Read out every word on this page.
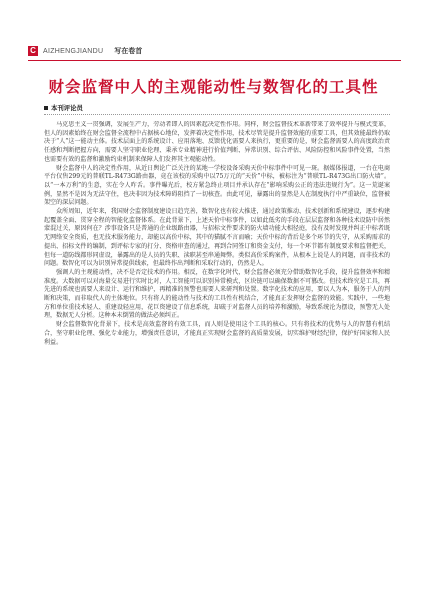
C	AIZHENGJIANDU 写在卷首
财会监督中人的主观能动性与数智化的工具性
本刊评论员

马克思主义一贯强调，发展生产力，劳动者即人的因素起决定性作用。同样，财会监督技术革新带来了效率提升与模式变革，但人的因素始终在财会监督全流程中占据核心地位，发挥着决定性作用，技术尽管是提升监督效能的重要工具，但其效能最终仍取决于“人”这一能动主体。技术层面上的系统设计、应用落地、反馈优化需要人来执行，更重要的是，财会监督需要人的高度政治责任感和判断把握方向，需要人坚守职业伦理、秉承专业精神进行价值判断、异常识别、综合评估、风险防控和风险事件处置，当然也需要有效的监督和激励约束机制来保障人们发挥其主观能动性。

财会监督中人的决定性作用，从近日舆论广泛关注的某地一学校设备采购天价中标事件中可见一斑。据媒体报道，一台在电商平台仅售299元的普联TL-R473G路由器，竟在该校的采购中以75万元的“天价”中标，被标注为“普联TL-R473G出口防火墙”。以“一本万利”的生意，实在令人咋舌。事件曝光后，校方紧急终止项目并承认存在“影响采购公正的违法违规行为”。这一荒诞案例，显然不是因为无法守住，也决非因为技术障碍阻挡了一切核查。由此可见，暴露出的显然是人在制度执行中严重缺位，监督被架空的深层问题。

众所周知，近年来，我国财会监督制度建设日趋完善，数智化也有较大推进，通过政策推动、技术创新和系统建设，逐步构建起覆盖全面、贯穿全程的智能化监督体系。在此背景下，上述天价中标事件，以如此低劣的手段在层层监督和各种技术设防中居然蒙混过关，原因何在？涉事设备只是普通的企业级路由器，与招标文件要求的防火墙功能大相径庭，没有及时发现并纠正中标者既无网络安全资质，也无技术服务能力，却能以高价中标，其中的猫腻不言而喻；天价中标的背后是多个环节的失守，从采购需求的提出、招标文件的编制，到评标专家的打分、资格审查的通过，再到合同签订和资金支付，每一个环节都有制度要求和监督把关，但每一道防线都形同虚设，暴露出的是人员的失职、渎职甚至串通舞弊。类似高价采购案件，从根本上说是人的问题，而非技术的问题。数智化可以为识别异常提供线索，但最终作出判断和采取行动的，仍然是人。

强调人的主观能动性，决不是否定技术的作用。相反，在数字化时代，财会监督必须充分借助数智化手段，提升监督效率和精准度。大数据可以对海量交易进行实时比对，人工智能可以识别异常模式，区块链可以确保数据不可篡改。但技术终究是工具，再先进的系统也需要人来设计、运行和维护，再精准的预警也需要人来研判和处置。数字化技术的应用，要以人为本，服务于人的判断和决策，而非取代人的主体地位。只有将人的能动性与技术的工具性有机结合，才能真正发挥财会监督的效能。实践中，一些地方和单位重技术轻人、重建设轻应用，花巨资建设了信息系统，却疏于对监督人员的培养和激励，导致系统沦为摆设，预警无人处理，数据无人分析。这种本末倒置的做法必须纠正。

财会监督数智化背景下，技术是高效监督的有效工具，而人则是使用这个工具的核心。只有将技术的优势与人的智慧有机结合，坚守职业伦理、强化专业能力，增强责任意识，才能真正实现财会监督的高质量发展，切实维护财经纪律，保护好国家和人民利益。
